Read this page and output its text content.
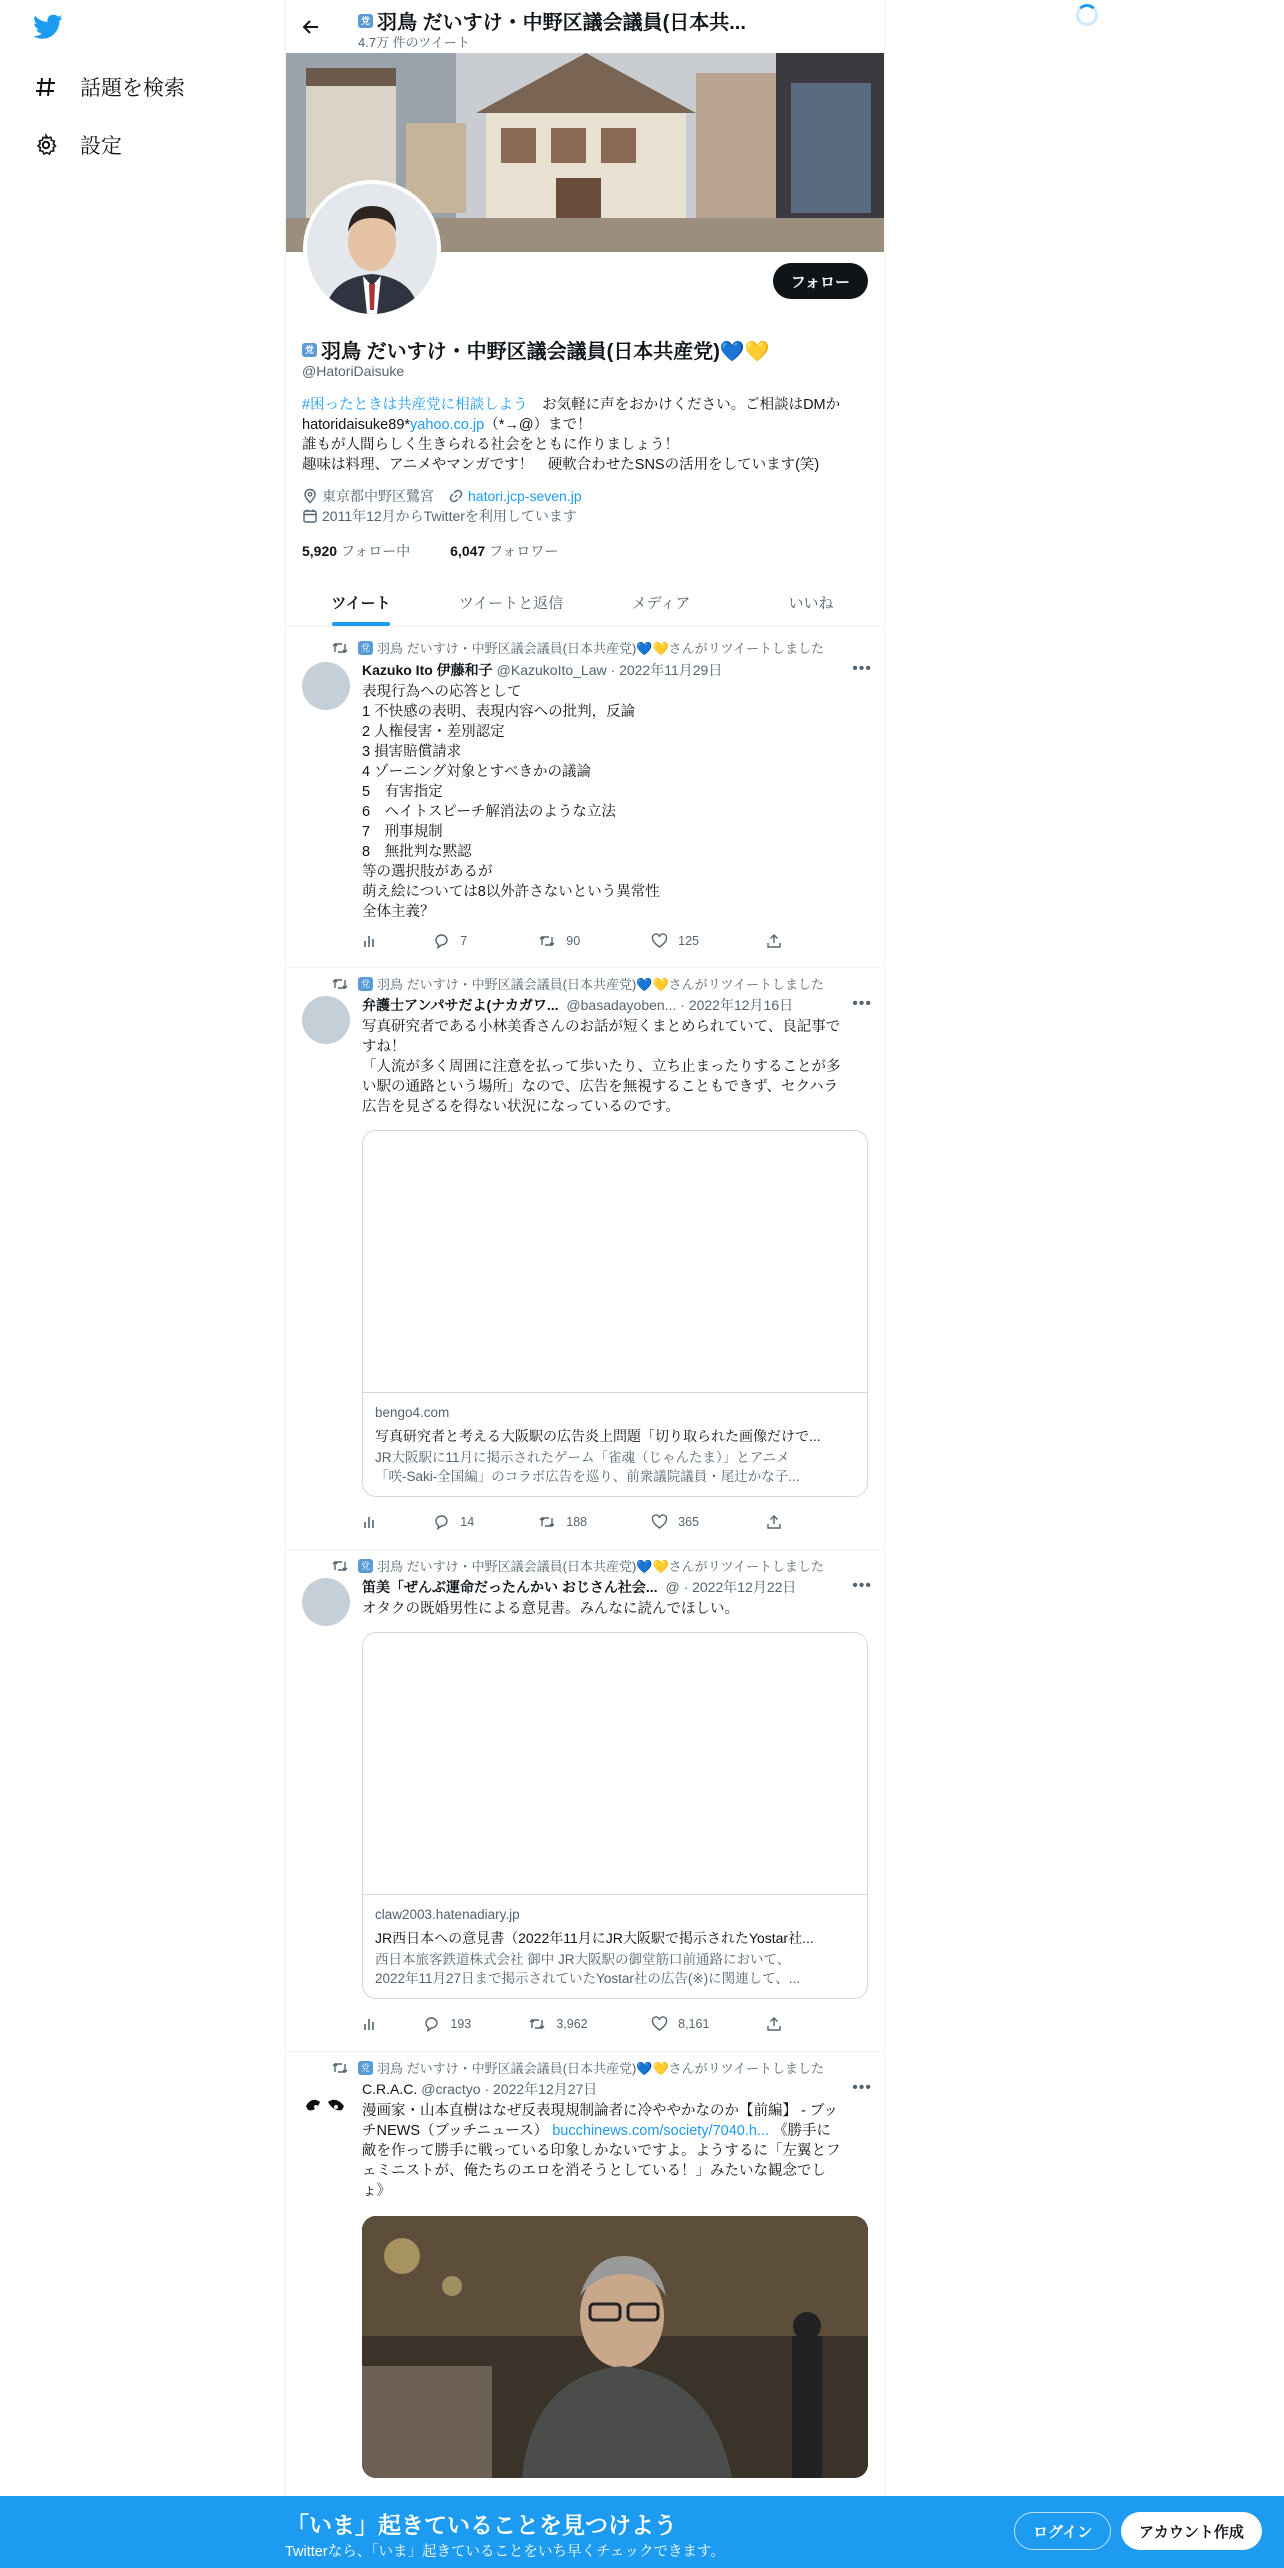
話題を検索
設定
党 羽鳥 だいすけ・中野区議会議員(日本共...
4.7万 件のツイート
フォロー
党 羽鳥 だいすけ・中野区議会議員(日本共産党)💙💛
@HatoriDaisuke
#困ったときは共産党に相談しよう　お気軽に声をおかけください。ご相談はDMか
hatoridaisuke89*yahoo.co.jp（*→@）まで！
誰もが人間らしく生きられる社会をともに作りましょう！
趣味は料理、アニメやマンガです！　硬軟合わせたSNSの活用をしています(笑)
東京都中野区鷺宮 hatori.jcp-seven.jp
2011年12月からTwitterを利用しています
5,920 フォロー中	6,047 フォロワー
ツイート	ツイートと返信	メディア	いいね
党 羽鳥 だいすけ・中野区議会議員(日本共産党)💙💛さんがリツイートしました
Kazuko Ito 伊藤和子 @KazukoIto_Law
· 2022年11月29日	•••
表現行為への応答として
1 不快感の表明、表現内容への批判，反論
2 人権侵害・差別認定
3 損害賠償請求
4 ゾーニング対象とすべきかの議論
5　有害指定
6　ヘイトスピーチ解消法のような立法
7　刑事規制
8　無批判な黙認
等の選択肢があるが
萌え絵については8以外許さないという異常性
全体主義？
7	90	125
党 羽鳥 だいすけ・中野区議会議員(日本共産党)💙💛さんがリツイートしました
弁護士アンパサだよ(ナカガワ...
@basadayoben...
· 2022年12月16日	•••
写真研究者である小林美香さんのお話が短くまとめられていて、良記事で
すね！
「人流が多く周囲に注意を払って歩いたり、立ち止まったりすることが多
い駅の通路という場所」なので、広告を無視することもできず、セクハラ
広告を見ざるを得ない状況になっているのです。
bengo4.com
写真研究者と考える大阪駅の広告炎上問題「切り取られた画像だけで...
JR大阪駅に11月に掲示されたゲーム「雀魂（じゃんたま）」とアニメ
「咲-Saki-全国編」のコラボ広告を巡り、前衆議院議員・尾辻かな子...
14	188	365
党 羽鳥 だいすけ・中野区議会議員(日本共産党)💙💛さんがリツイートしました
笛美「ぜんぶ運命だったんかい おじさん社会...
@
· 2022年12月22日	•••
オタクの既婚男性による意見書。みんなに読んでほしい。
claw2003.hatenadiary.jp
JR西日本への意見書（2022年11月にJR大阪駅で掲示されたYostar社...
西日本旅客鉄道株式会社 御中 JR大阪駅の御堂筋口前通路において、
2022年11月27日まで掲示されていたYostar社の広告(※)に関連して、...
193	3,962	8,161
党 羽鳥 だいすけ・中野区議会議員(日本共産党)💙💛さんがリツイートしました
C.R.A.C. @cractyo
· 2022年12月27日	•••
漫画家・山本直樹はなぜ反表現規制論者に冷ややかなのか【前編】 - ブッ
チNEWS（ブッチニュース） bucchinews.com/society/7040.h... 《勝手に
敵を作って勝手に戦っている印象しかないですよ。ようするに「左翼とフ
ェミニストが、俺たちのエロを消そうとしている！」みたいな観念でし
ょ》
「いま」起きていることを見つけよう
Twitterなら、「いま」起きていることをいち早くチェックできます。
ログイン	アカウント作成
